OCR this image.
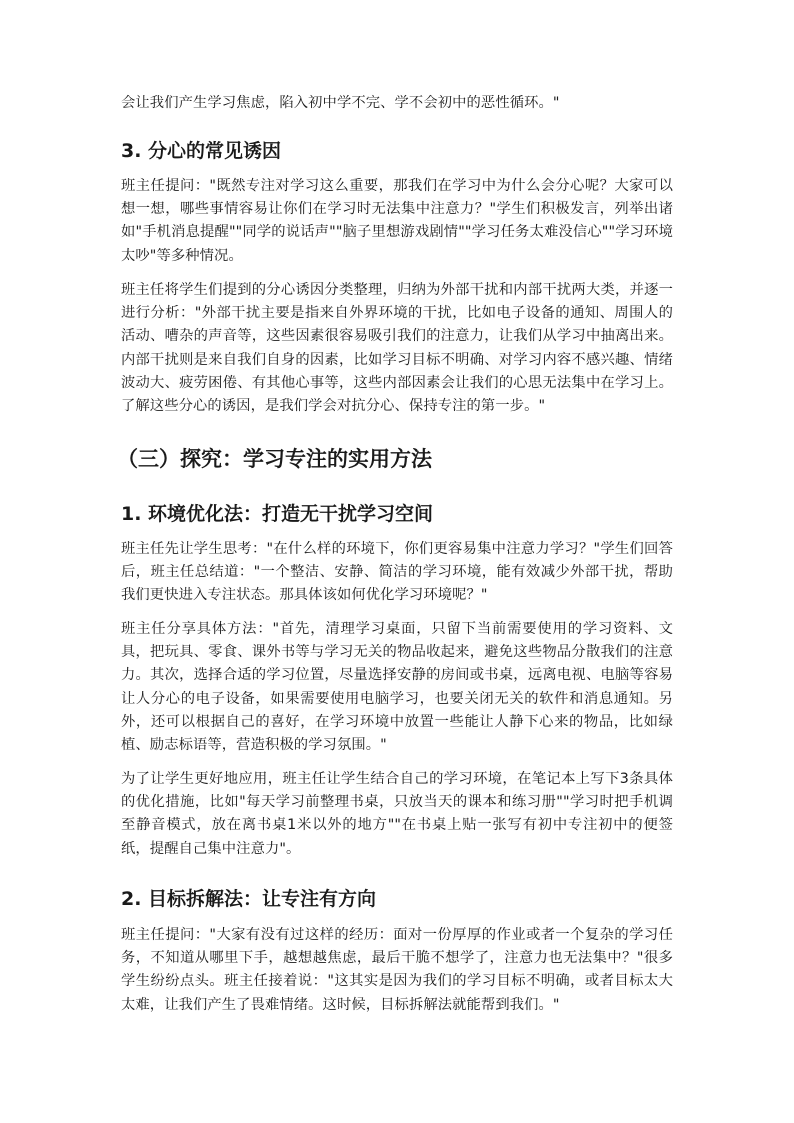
会让我们产生学习焦虑，陷入初中学不完、学不会初中的恶性循环。"

3. 分心的常见诱因

班主任提问："既然专注对学习这么重要，那我们在学习中为什么会分心呢？大家可以想一想，哪些事情容易让你们在学习时无法集中注意力？"学生们积极发言，列举出诸如"手机消息提醒""同学的说话声""脑子里想游戏剧情""学习任务太难没信心""学习环境太吵"等多种情况。

班主任将学生们提到的分心诱因分类整理，归纳为外部干扰和内部干扰两大类，并逐一进行分析："外部干扰主要是指来自外界环境的干扰，比如电子设备的通知、周围人的活动、嘈杂的声音等，这些因素很容易吸引我们的注意力，让我们从学习中抽离出来。内部干扰则是来自我们自身的因素，比如学习目标不明确、对学习内容不感兴趣、情绪波动大、疲劳困倦、有其他心事等，这些内部因素会让我们的心思无法集中在学习上。了解这些分心的诱因，是我们学会对抗分心、保持专注的第一步。"

（三）探究：学习专注的实用方法
1. 环境优化法：打造无干扰学习空间

班主任先让学生思考："在什么样的环境下，你们更容易集中注意力学习？"学生们回答后，班主任总结道："一个整洁、安静、简洁的学习环境，能有效减少外部干扰，帮助我们更快进入专注状态。那具体该如何优化学习环境呢？"

班主任分享具体方法："首先，清理学习桌面，只留下当前需要使用的学习资料、文具，把玩具、零食、课外书等与学习无关的物品收起来，避免这些物品分散我们的注意力。其次，选择合适的学习位置，尽量选择安静的房间或书桌，远离电视、电脑等容易让人分心的电子设备，如果需要使用电脑学习，也要关闭无关的软件和消息通知。另外，还可以根据自己的喜好，在学习环境中放置一些能让人静下心来的物品，比如绿植、励志标语等，营造积极的学习氛围。"

为了让学生更好地应用，班主任让学生结合自己的学习环境，在笔记本上写下3条具体的优化措施，比如"每天学习前整理书桌，只放当天的课本和练习册""学习时把手机调至静音模式，放在离书桌1米以外的地方""在书桌上贴一张写有初中专注初中的便签纸，提醒自己集中注意力"。

2. 目标拆解法：让专注有方向

班主任提问："大家有没有过这样的经历：面对一份厚厚的作业或者一个复杂的学习任务，不知道从哪里下手，越想越焦虑，最后干脆不想学了，注意力也无法集中？"很多学生纷纷点头。班主任接着说："这其实是因为我们的学习目标不明确，或者目标太大太难，让我们产生了畏难情绪。这时候，目标拆解法就能帮到我们。"
